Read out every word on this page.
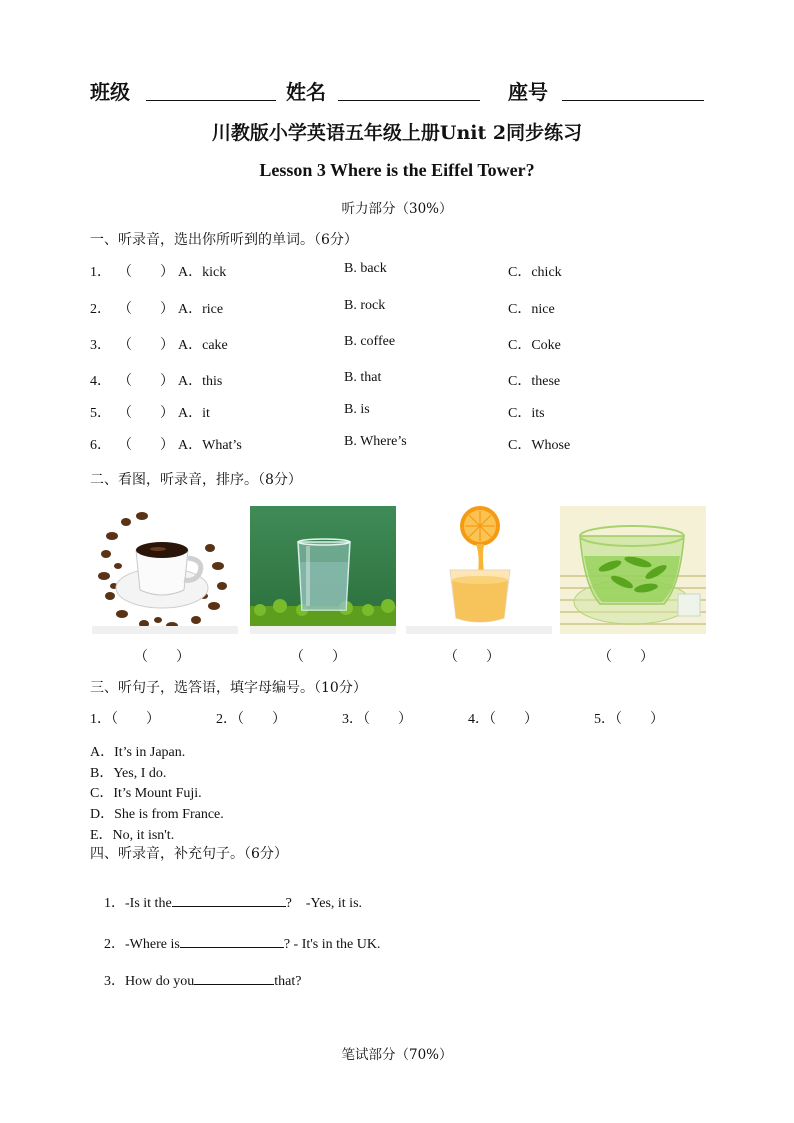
班级	姓名	座号
川教版小学英语五年级上册Unit 2同步练习
Lesson 3 Where is the Eiffel Tower?
听力部分（30%）
一、听录音，选出你所听到的单词。（6分）
1． （　　） A．kick	B. back	C．chick
2． （　　） A．rice	B. rock	C．nice
3． （　　） A．cake	B. coffee	C．Coke
4． （　　） A．this	B. that	C．these
5． （　　） A．it	B. is	C．its
6． （　　） A．What’s	B. Where’s	C．Whose
二、看图，听录音，排序。（8分）
（　　）	（　　）	（　　）	（　　）
三、听句子，选答语，填字母编号。（10分）
1．（　　）	2．（　　）	3．（　　）	4．（　　）	5．（　　）
A．It’s in Japan.
B．Yes, I do.
C．It’s Mount Fuji.
D．She is from France.
E．No, it isn't.
四、听录音，补充句子。（6分）

1．-Is it the	?　-Yes, it is.

2．-Where is	? - It's in the UK.

3．How do you	that?

笔试部分（70%）
